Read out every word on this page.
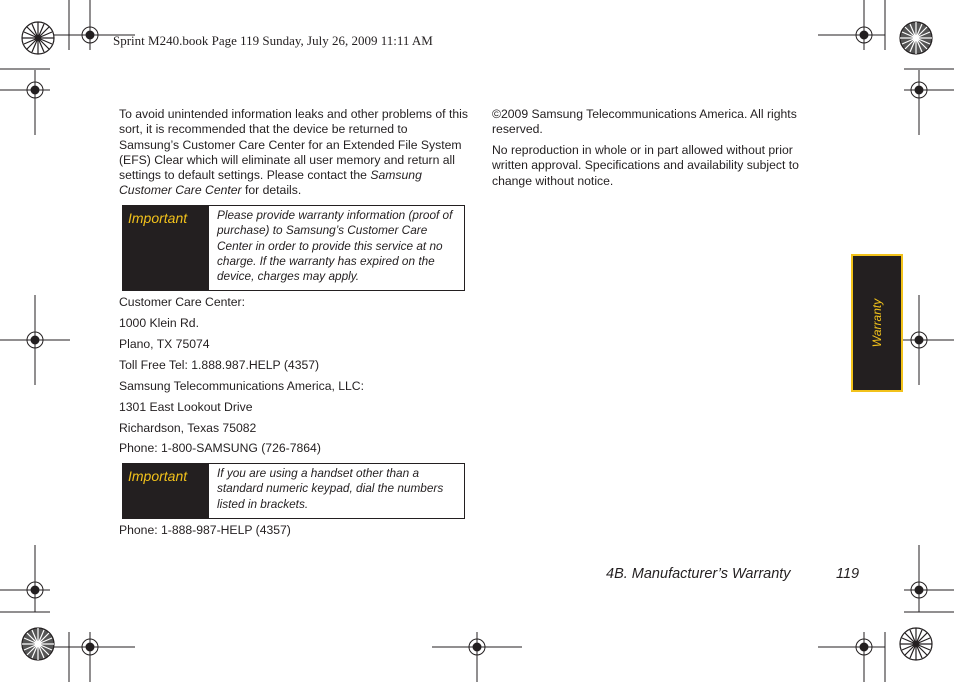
Sprint M240.book Page 119 Sunday, July 26, 2009 11:11 AM
To avoid unintended information leaks and other problems of this sort, it is recommended that the device be returned to Samsung’s Customer Care Center for an Extended File System (EFS) Clear which will eliminate all user memory and return all settings to default settings. Please contact the Samsung Customer Care Center for details.
Important	Please provide warranty information (proof of purchase) to Samsung’s Customer Care Center in order to provide this service at no charge. If the warranty has expired on the device, charges may apply.
Customer Care Center:
1000 Klein Rd.
Plano, TX 75074
Toll Free Tel: 1.888.987.HELP (4357)
Samsung Telecommunications America, LLC:
1301 East Lookout Drive
Richardson, Texas 75082
Phone: 1-800-SAMSUNG (726-7864)
Important	If you are using a handset other than a standard numeric keypad, dial the numbers listed in brackets.
Phone: 1-888-987-HELP (4357)
©2009 Samsung Telecommunications America. All rights reserved.
No reproduction in whole or in part allowed without prior written approval. Specifications and availability subject to change without notice.
Warranty
4B. Manufacturer’s Warranty	119
